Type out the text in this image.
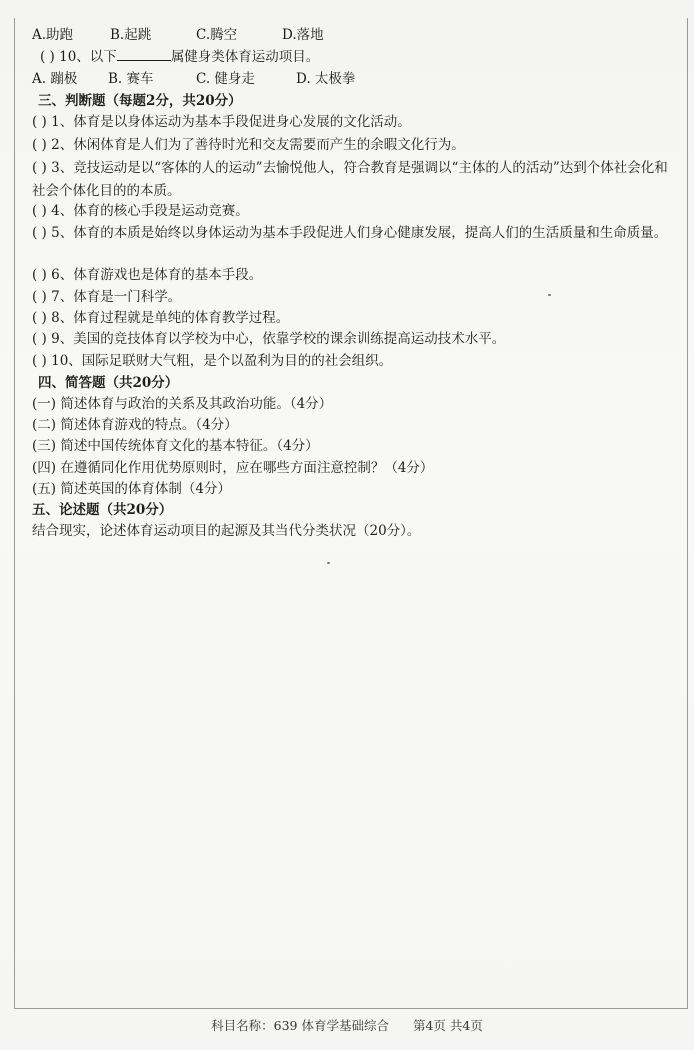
A.助跑	B.起跳	C.腾空	D.落地
( ) 10、以下	属健身类体育运动项目。
A. 蹦极 B. 赛车	C. 健身走	D. 太极拳
三、判断题（每题2分，共20分）
( ) 1、体育是以身体运动为基本手段促进身心发展的文化活动。
( ) 2、休闲体育是人们为了善待时光和交友需要而产生的余暇文化行为。
( ) 3、竞技运动是以“客体的人的运动”去愉悦他人，符合教育是强调以“主体的人的活动”达到个体社会化和社会个体化目的的本质。
( ) 4、体育的核心手段是运动竞赛。
( ) 5、体育的本质是始终以身体运动为基本手段促进人们身心健康发展，提高人们的生活质量和生命质量。
( ) 6、体育游戏也是体育的基本手段。
( ) 7、体育是一门科学。
( ) 8、体育过程就是单纯的体育教学过程。
( ) 9、美国的竞技体育以学校为中心，依靠学校的课余训练提高运动技术水平。
( ) 10、国际足联财大气粗，是个以盈利为目的的社会组织。
四、简答题（共20分）
(一) 简述体育与政治的关系及其政治功能。（4分）
(二) 简述体育游戏的特点。（4分）
(三) 简述中国传统体育文化的基本特征。（4分）
(四) 在遵循同化作用优势原则时，应在哪些方面注意控制？（4分）
(五) 简述英国的体育体制（4分）
五、论述题（共20分）
结合现实，论述体育运动项目的起源及其当代分类状况（20分）。
科目名称：639 体育学基础综合 第4页 共4页
